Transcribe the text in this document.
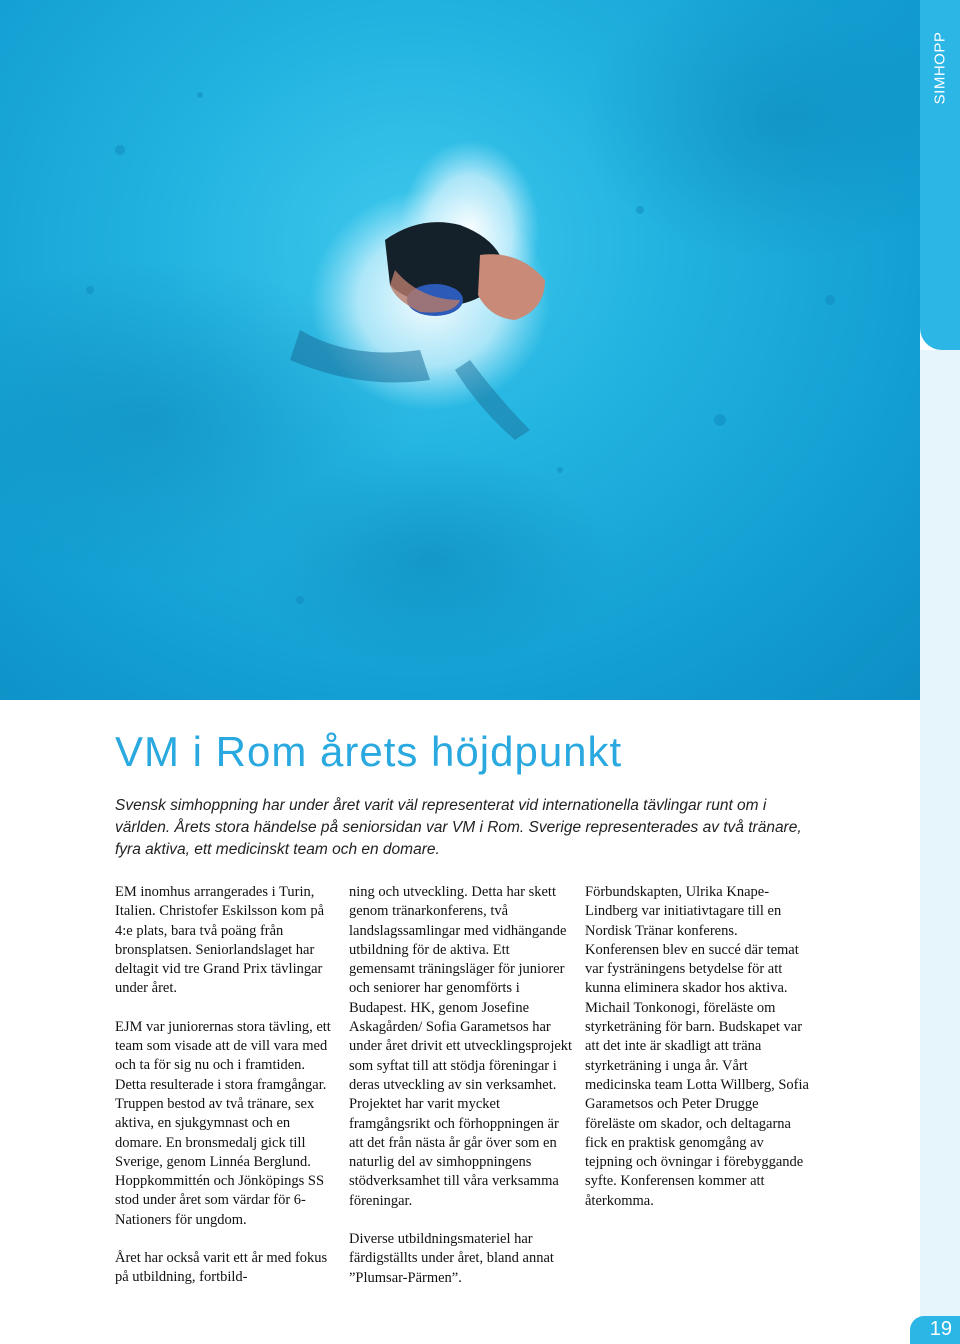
SIMHOPP
VM i Rom årets höjdpunkt

Svensk simhoppning har under året varit väl representerat vid internationella tävlingar runt om i världen. Årets stora händelse på seniorsidan var VM i Rom. Sverige representerades av två tränare, fyra aktiva, ett medicinskt team och en domare.

EM inomhus arrangerades i Turin, Italien. Christofer Eskilsson kom på 4:e plats, bara två poäng från bronsplatsen. Seniorlandslaget har deltagit vid tre Grand Prix tävlingar under året.

EJM var juniorernas stora tävling, ett team som visade att de vill vara med och ta för sig nu och i framtiden. Detta resulterade i stora framgångar. Truppen bestod av två tränare, sex aktiva, en sjukgymnast och en domare. En bronsmedalj gick till Sverige, genom Linnéa Berglund. Hoppkommittén och Jönköpings SS stod under året som värdar för 6-Nationers för ungdom.

Året har också varit ett år med fokus på utbildning, fortbild-

ning och utveckling. Detta har skett genom tränarkonferens, två landslagssamlingar med vidhängande utbildning för de aktiva. Ett gemensamt träningsläger för juniorer och seniorer har genomförts i Budapest. HK, genom Josefine Askagården/ Sofia Garametsos har under året drivit ett utvecklingsprojekt som syftat till att stödja föreningar i deras utveckling av sin verksamhet. Projektet har varit mycket framgångsrikt och förhoppningen är att det från nästa år går över som en naturlig del av simhoppningens stödverksamhet till våra verksamma föreningar.

Diverse utbildningsmateriel har färdigställts under året, bland annat ”Plumsar-Pärmen”.

Förbundskapten, Ulrika Knape-Lindberg var initiativtagare till en Nordisk Tränar konferens. Konferensen blev en succé där temat var fysträningens betydelse för att kunna eliminera skador hos aktiva. Michail Tonkonogi, föreläste om styrketräning för barn. Budskapet var att det inte är skadligt att träna styrketräning i unga år. Vårt medicinska team Lotta Willberg, Sofia Garametsos och Peter Drugge föreläste om skador, och deltagarna fick en praktisk genomgång av tejpning och övningar i förebyggande syfte. Konferensen kommer att återkomma.

19
